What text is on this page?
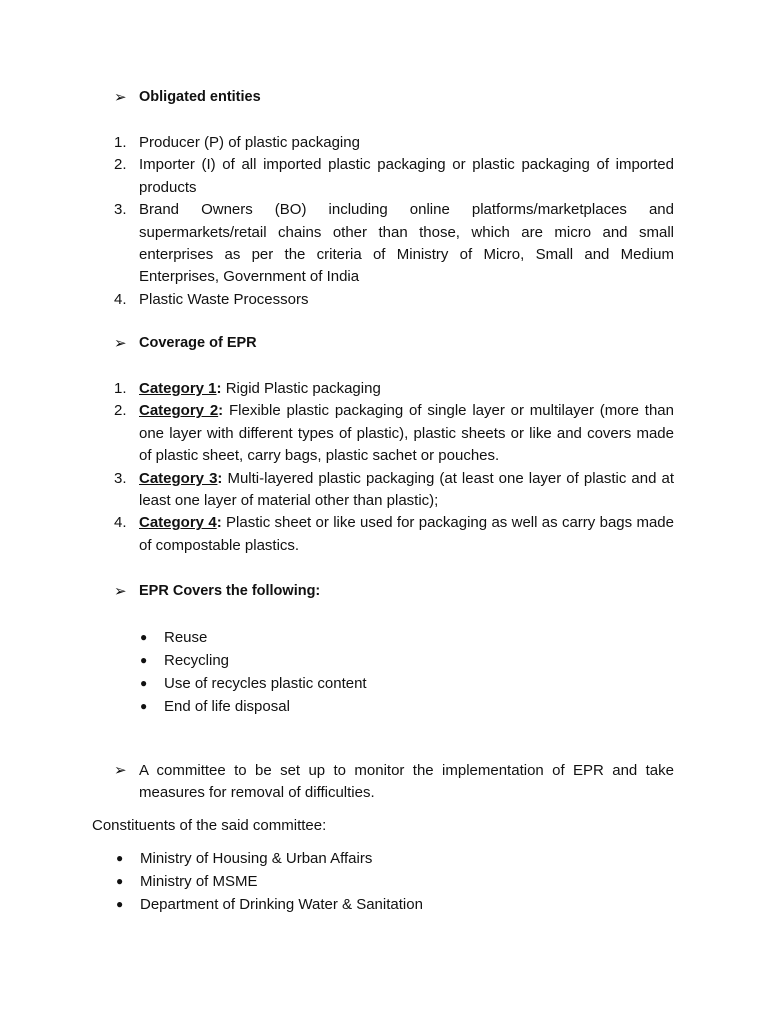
➢ Obligated entities
1. Producer (P) of plastic packaging
2. Importer (I) of all imported plastic packaging or plastic packaging of imported products
3. Brand Owners (BO) including online platforms/marketplaces and supermarkets/retail chains other than those, which are micro and small enterprises as per the criteria of Ministry of Micro, Small and Medium Enterprises, Government of India
4. Plastic Waste Processors
➢ Coverage of EPR
1. Category 1: Rigid Plastic packaging
2. Category 2: Flexible plastic packaging of single layer or multilayer (more than one layer with different types of plastic), plastic sheets or like and covers made of plastic sheet, carry bags, plastic sachet or pouches.
3. Category 3: Multi-layered plastic packaging (at least one layer of plastic and at least one layer of material other than plastic);
4. Category 4: Plastic sheet or like used for packaging as well as carry bags made of compostable plastics.
➢ EPR Covers the following:
● Reuse
● Recycling
● Use of recycles plastic content
● End of life disposal
➢ A committee to be set up to monitor the implementation of EPR and take measures for removal of difficulties.
Constituents of the said committee:
● Ministry of Housing & Urban Affairs
● Ministry of MSME
● Department of Drinking Water & Sanitation
